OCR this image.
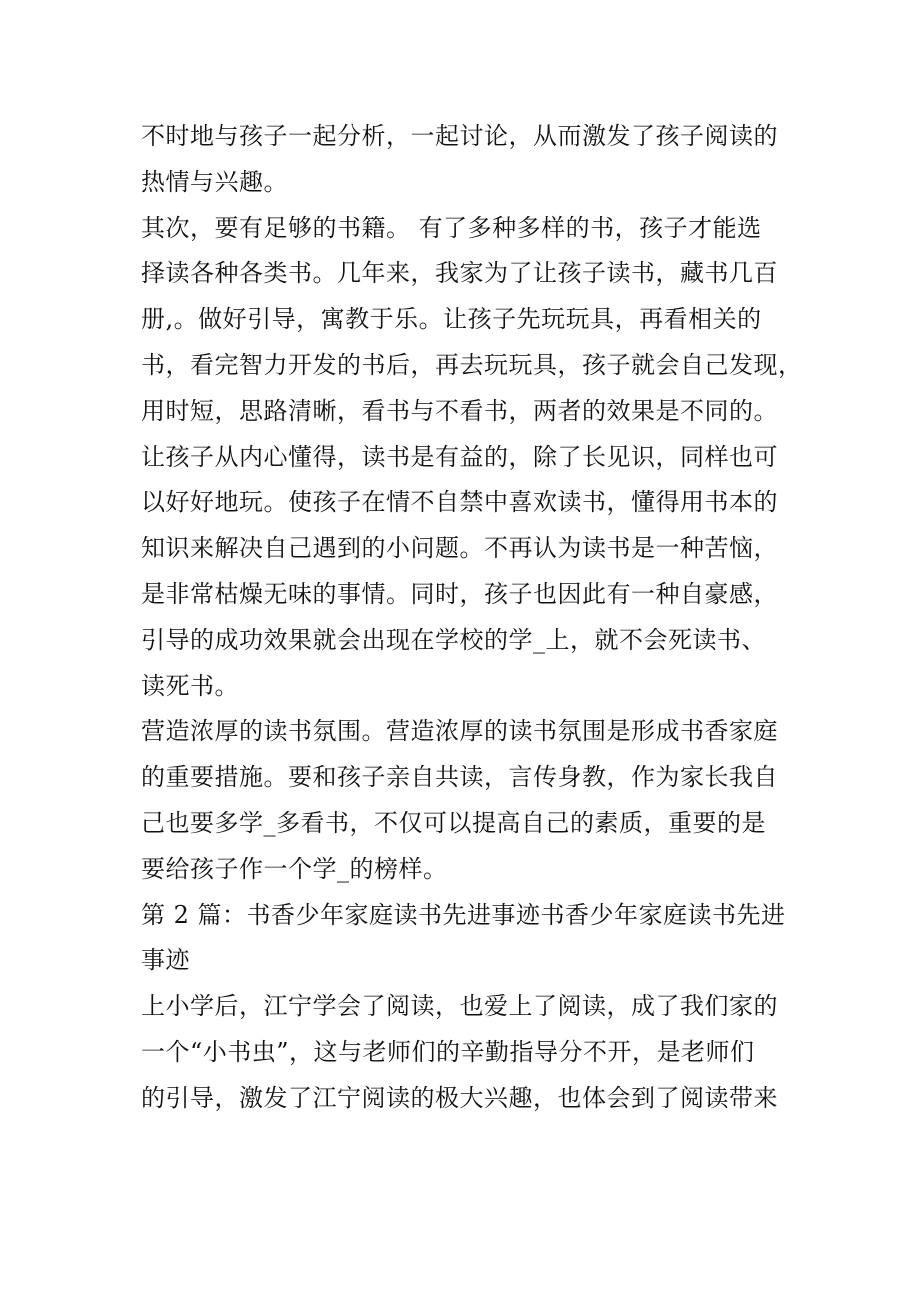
不时地与孩子一起分析，一起讨论，从而激发了孩子阅读的
热情与兴趣。
其次，要有足够的书籍。 有了多种多样的书，孩子才能选
择读各种各类书。几年来，我家为了让孩子读书，藏书几百
册,。做好引导，寓教于乐。让孩子先玩玩具，再看相关的
书，看完智力开发的书后，再去玩玩具，孩子就会自己发现，
用时短，思路清晰，看书与不看书，两者的效果是不同的。
让孩子从内心懂得，读书是有益的，除了长见识，同样也可
以好好地玩。使孩子在情不自禁中喜欢读书，懂得用书本的
知识来解决自己遇到的小问题。不再认为读书是一种苦恼，
是非常枯燥无味的事情。同时，孩子也因此有一种自豪感，
引导的成功效果就会出现在学校的学_上，就不会死读书、
读死书。
营造浓厚的读书氛围。营造浓厚的读书氛围是形成书香家庭
的重要措施。要和孩子亲自共读，言传身教，作为家长我自
己也要多学_多看书，不仅可以提高自己的素质，重要的是
要给孩子作一个学_的榜样。
第 2 篇：书香少年家庭读书先进事迹书香少年家庭读书先进
事迹
上小学后，江宁学会了阅读，也爱上了阅读，成了我们家的
一个“小书虫”，这与老师们的辛勤指导分不开，是老师们
的引导，激发了江宁阅读的极大兴趣，也体会到了阅读带来
